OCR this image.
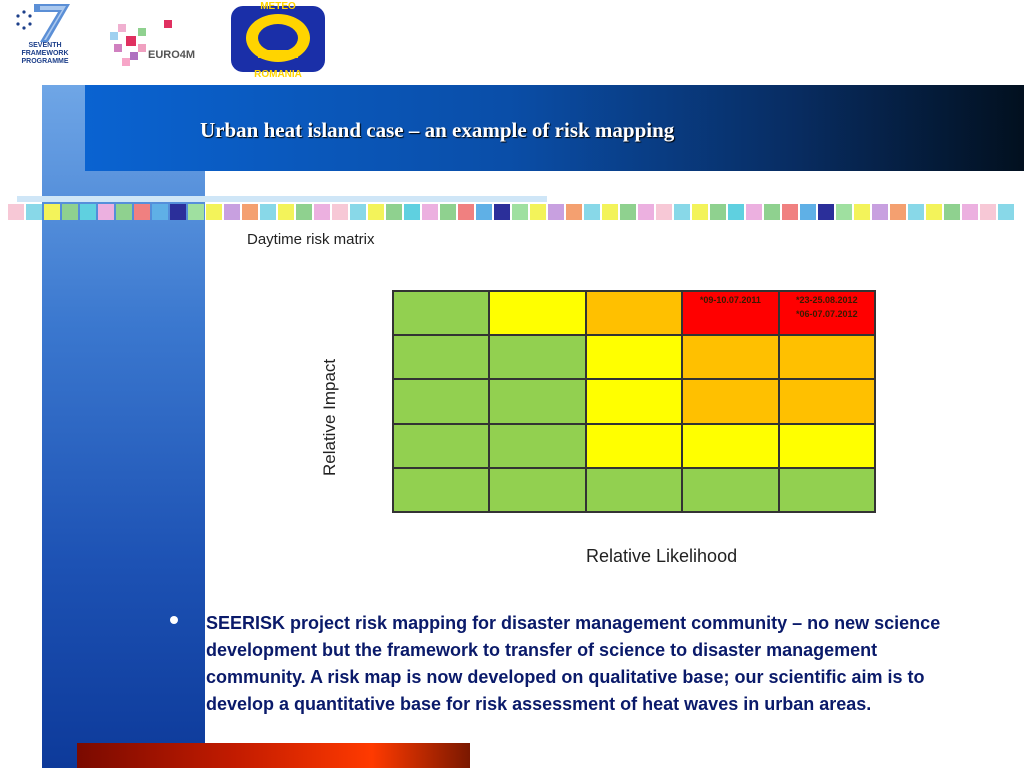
SEVENTH FRAMEWORK
PROGRAMME
EURO4M
METEO
ROMANIA
Urban heat island case – an example of risk mapping
Daytime risk matrix
Relative Impact
*09-10.07.2011	*23-25.08.2012
*06-07.07.2012
Relative Likelihood
SEERISK project risk mapping for disaster management community – no new science development but the framework to transfer of science to disaster management community. A risk map is now developed on qualitative base; our scientific aim is to develop a quantitative base for risk assessment of heat waves in urban areas.
